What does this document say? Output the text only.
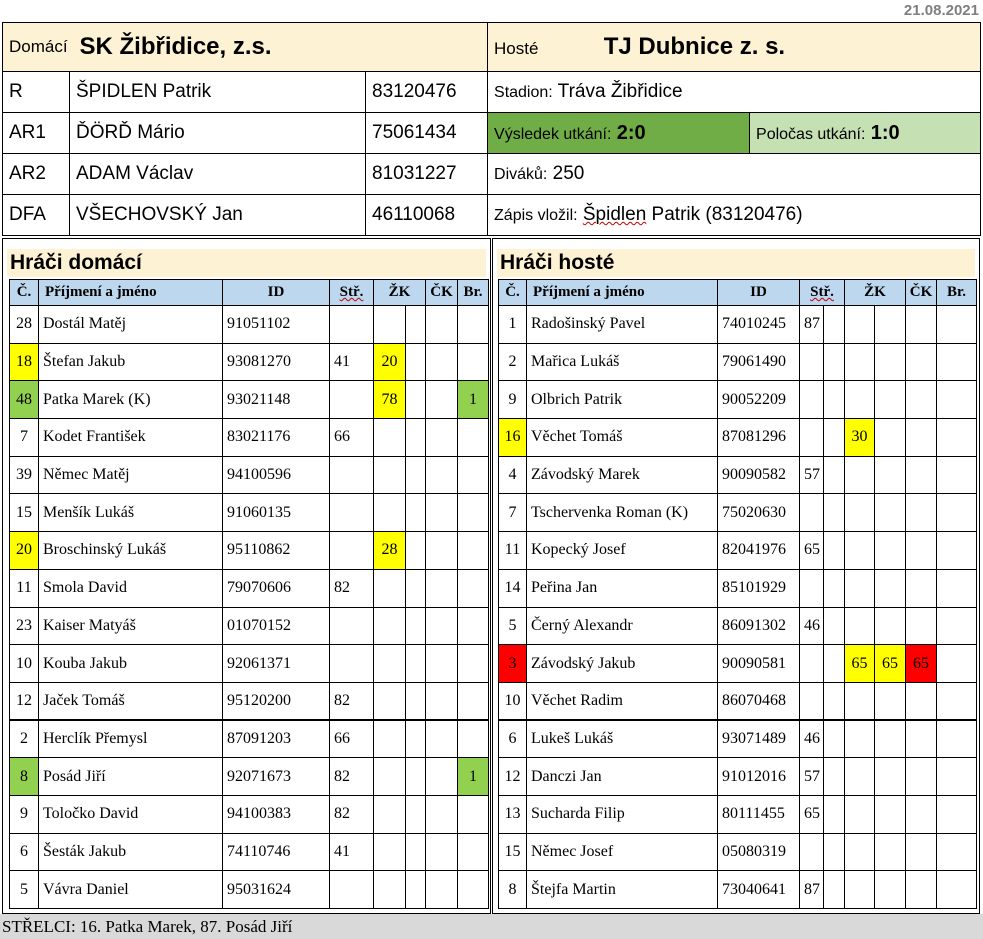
21.08.2021
Domácí	SK Žibřidice, z.s.		Hosté TJ Dubnice z. s.	
R	ŠPIDLEN Patrik	83120476	Stadion: Tráva Žibřidice	
AR1	ĎÖRĎ Mário	75061434	Výsledek utkání: 2:0	Poločas utkání: 1:0
AR2	ADAM Václav	81031227	Diváků: 250	
DFA	VŠECHOVSKÝ Jan	46110068	Zápis vložil: Špidlen Patrik (83120476)	
Hráči domácí
Č.	Příjmení a jméno	ID	Stř.	ŽK		ČK	Br.
28	Dostál Matěj	91051102					
18	Štefan Jakub	93081270	41	20			
48	Patka Marek (K)	93021148		78			1
7	Kodet František	83021176	66				
39	Němec Matěj	94100596					
15	Menšík Lukáš	91060135					
20	Broschinský Lukáš	95110862		28			
11	Smola David	79070606	82				
23	Kaiser Matyáš	01070152					
10	Kouba Jakub	92061371					
12	Jaček Tomáš	95120200	82				
2	Herclík Přemysl	87091203	66				
8	Posád Jiří	92071673	82				1
9	Toločko David	94100383	82				
6	Šesták Jakub	74110746	41				
5	Vávra Daniel	95031624					
Hráči hosté
Č.	Příjmení a jméno	ID	Stř.		ŽK		ČK	Br.
1	Radošinský Pavel	74010245	87					
2	Mařica Lukáš	79061490						
9	Olbrich Patrik	90052209						
16	Věchet Tomáš	87081296			30			
4	Závodský Marek	90090582	57					
7	Tschervenka Roman (K)	75020630						
11	Kopecký Josef	82041976	65					
14	Peřina Jan	85101929						
5	Černý Alexandr	86091302	46					
3	Závodský Jakub	90090581			65	65	65	
10	Věchet Radim	86070468						
6	Lukeš Lukáš	93071489	46					
12	Danczi Jan	91012016	57					
13	Sucharda Filip	80111455	65					
15	Němec Josef	05080319						
8	Štejfa Martin	73040641	87					
STŘELCI: 16. Patka Marek, 87. Posád Jiří
